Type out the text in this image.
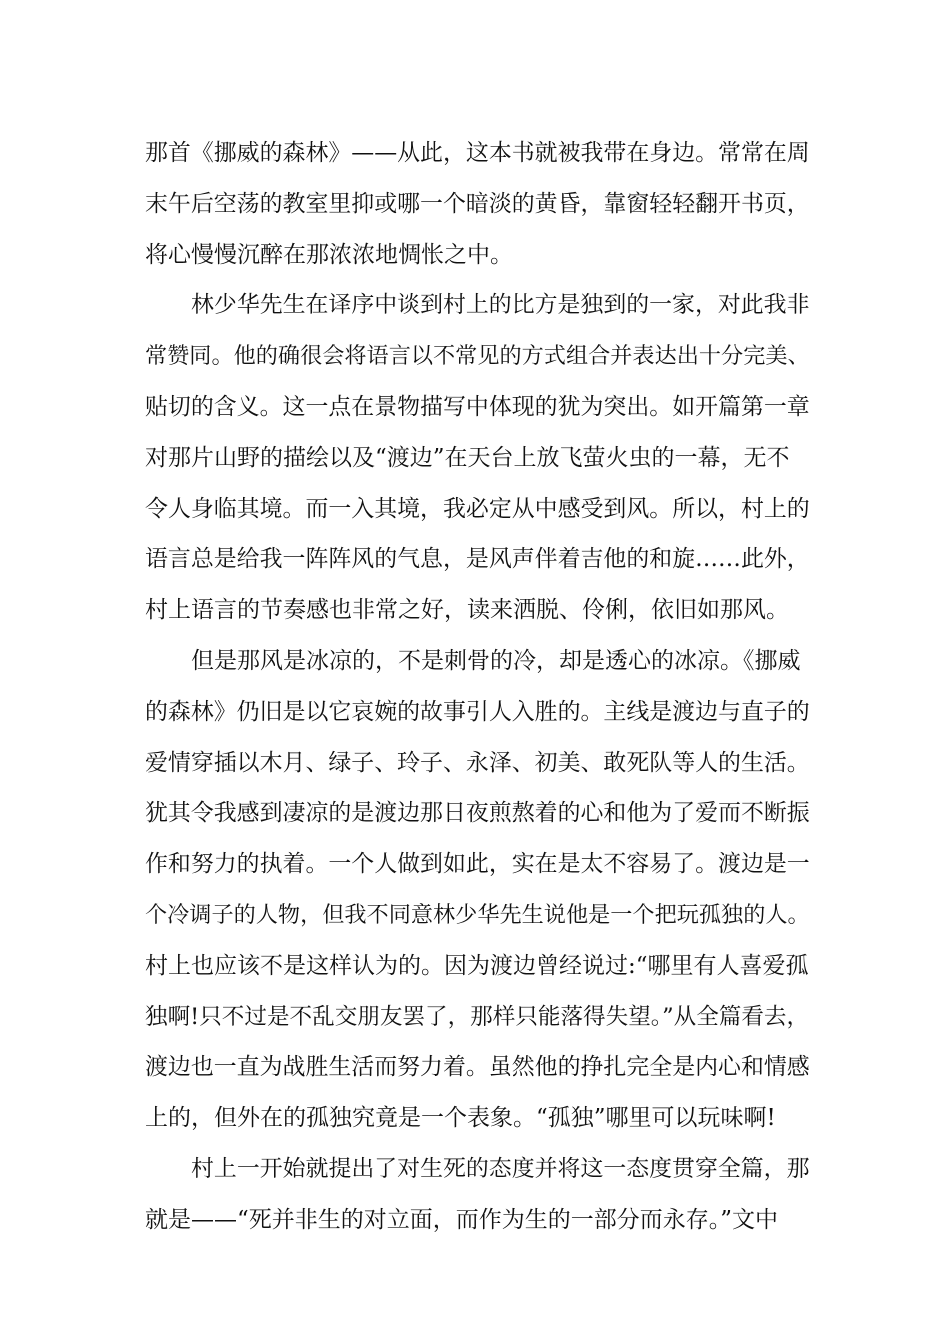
那首《挪威的森林》——从此，这本书就被我带在身边。常常在周
末午后空荡的教室里抑或哪一个暗淡的黄昏，靠窗轻轻翻开书页，
将心慢慢沉醉在那浓浓地惆怅之中。
林少华先生在译序中谈到村上的比方是独到的一家，对此我非
常赞同。他的确很会将语言以不常见的方式组合并表达出十分完美、
贴切的含义。这一点在景物描写中体现的犹为突出。如开篇第一章
对那片山野的描绘以及“渡边”在天台上放飞萤火虫的一幕，无不
令人身临其境。而一入其境，我必定从中感受到风。所以，村上的
语言总是给我一阵阵风的气息，是风声伴着吉他的和旋……此外，
村上语言的节奏感也非常之好，读来洒脱、伶俐，依旧如那风。
但是那风是冰凉的，不是刺骨的冷，却是透心的冰凉。《挪威
的森林》仍旧是以它哀婉的故事引人入胜的。主线是渡边与直子的
爱情穿插以木月、绿子、玲子、永泽、初美、敢死队等人的生活。
犹其令我感到凄凉的是渡边那日夜煎熬着的心和他为了爱而不断振
作和努力的执着。一个人做到如此，实在是太不容易了。渡边是一
个冷调子的人物，但我不同意林少华先生说他是一个把玩孤独的人。
村上也应该不是这样认为的。因为渡边曾经说过:“哪里有人喜爱孤
独啊!只不过是不乱交朋友罢了，那样只能落得失望。”从全篇看去，
渡边也一直为战胜生活而努力着。虽然他的挣扎完全是内心和情感
上的，但外在的孤独究竟是一个表象。“孤独”哪里可以玩味啊!
村上一开始就提出了对生死的态度并将这一态度贯穿全篇，那
就是——“死并非生的对立面，而作为生的一部分而永存。”文中
